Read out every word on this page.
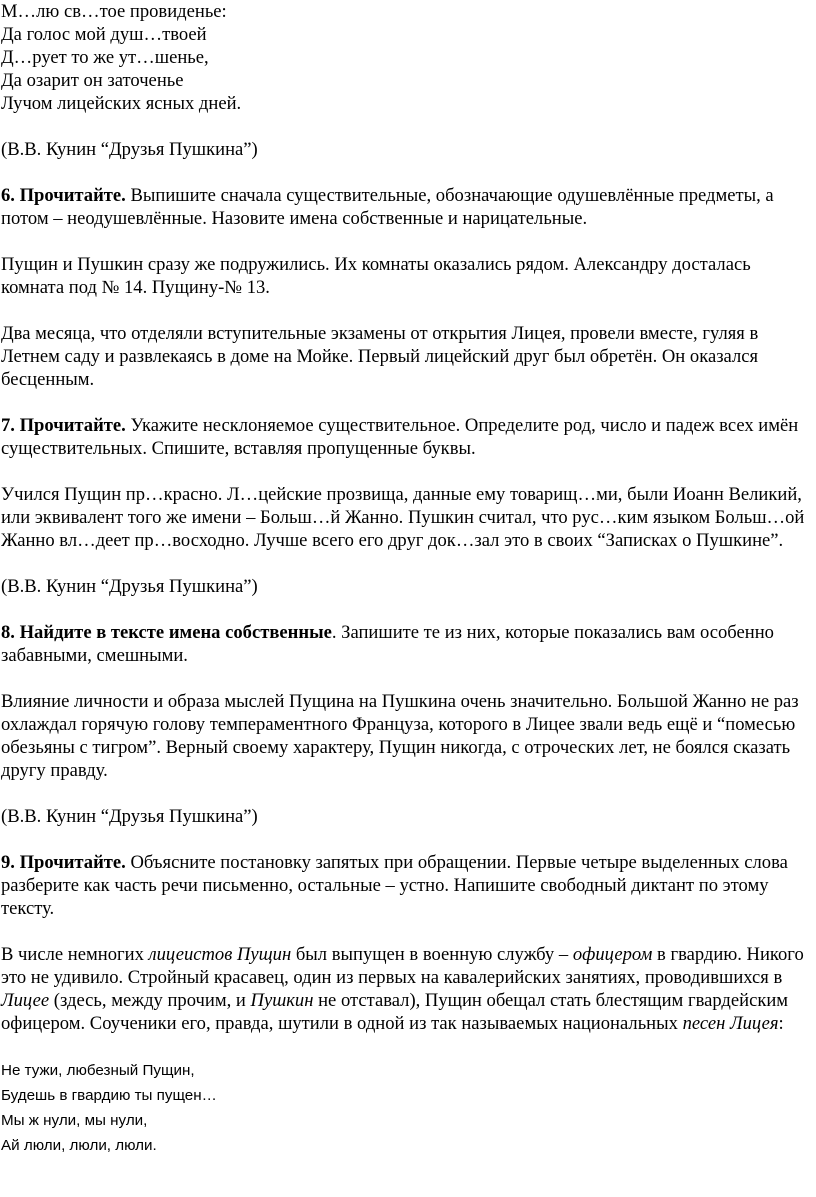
М…лю св…тое провиденье:
Да голос мой душ…твоей
Д…рует то же ут…шенье,
Да озарит он заточенье
Лучом лицейских ясных дней.

(В.В. Кунин “Друзья Пушкина”)

6. Прочитайте. Выпишите сначала существительные, обозначающие одушевлённые предметы, а потом – неодушевлённые. Назовите имена собственные и нарицательные.

Пущин и Пушкин сразу же подружились. Их комнаты оказались рядом. Александру досталась комната под № 14. Пущину-№ 13.

Два месяца, что отделяли вступительные экзамены от открытия Лицея, провели вместе, гуляя в Летнем саду и развлекаясь в доме на Мойке. Первый лицейский друг был обретён. Он оказался бесценным.

7. Прочитайте. Укажите несклоняемое существительное. Определите род, число и падеж всех имён существительных. Спишите, вставляя пропущенные буквы.

Учился Пущин пр…красно. Л…цейские прозвища, данные ему товарищ…ми, были Иоанн Великий, или эквивалент того же имени – Больш…й Жанно. Пушкин считал, что рус…ким языком Больш…ой Жанно вл…деет пр…восходно. Лучше всего его друг док…зал это в своих “Записках о Пушкине”.

(В.В. Кунин “Друзья Пушкина”)

8. Найдите в тексте имена собственные. Запишите те из них, которые показались вам особенно забавными, смешными.

Влияние личности и образа мыслей Пущина на Пушкина очень значительно. Большой Жанно не раз охлаждал горячую голову темпераментного Француза, которого в Лицее звали ведь ещё и “помесью обезьяны с тигром”. Верный своему характеру, Пущин никогда, с отроческих лет, не боялся сказать другу правду.

(В.В. Кунин “Друзья Пушкина”)

9. Прочитайте. Объясните постановку запятых при обращении. Первые четыре выделенных слова разберите как часть речи письменно, остальные – устно. Напишите свободный диктант по этому тексту.

В числе немногих лицеистов Пущин был выпущен в военную службу – офицером в гвардию. Никого это не удивило. Стройный красавец, один из первых на кавалерийских занятиях, проводившихся в Лицее (здесь, между прочим, и Пушкин не отставал), Пущин обещал стать блестящим гвардейским офицером. Соученики его, правда, шутили в одной из так называемых национальных песен Лицея:

Не тужи, любезный Пущин,
Будешь в гвардию ты пущен…
Мы ж нули, мы нули,
Ай люли, люли, люли.
